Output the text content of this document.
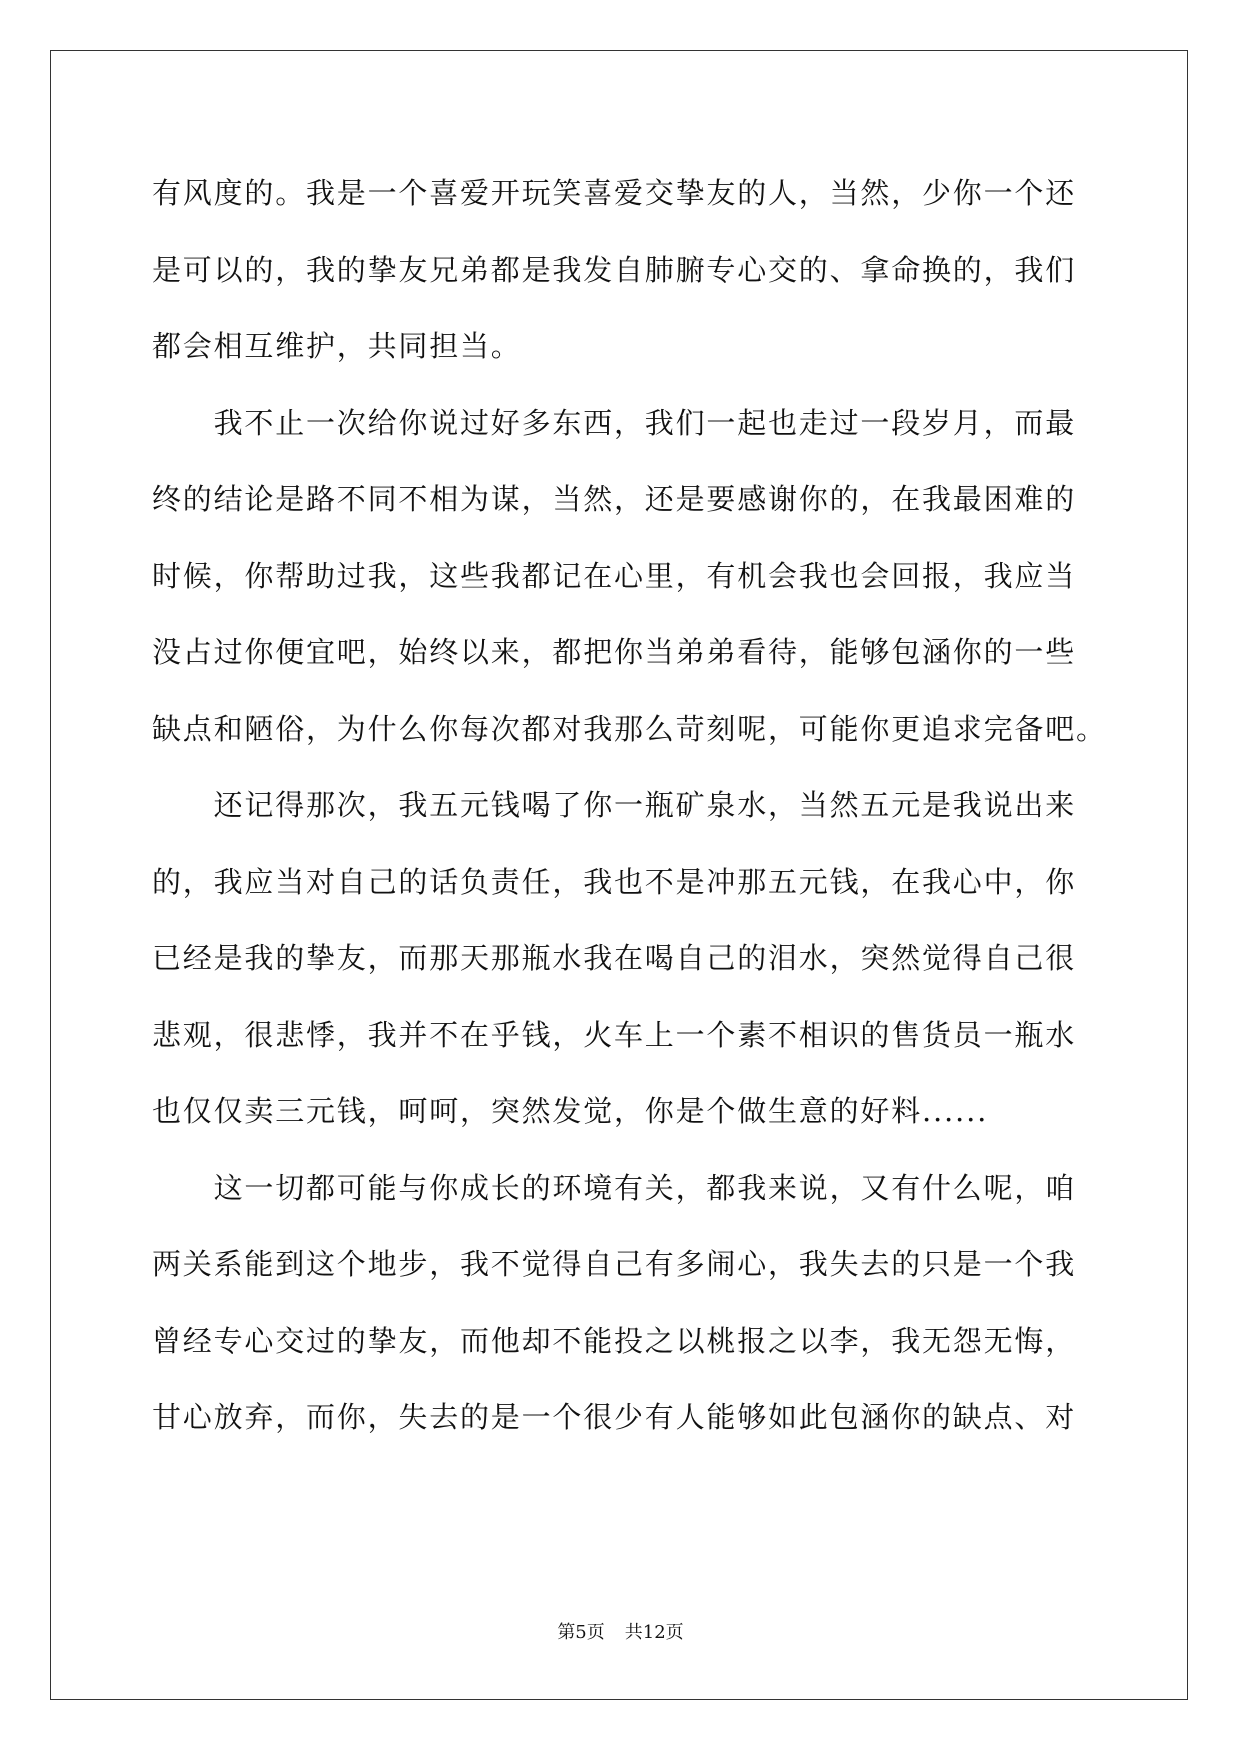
有风度的。我是一个喜爱开玩笑喜爱交挚友的人，当然，少你一个还
是可以的，我的挚友兄弟都是我发自肺腑专心交的、拿命换的，我们
都会相互维护，共同担当。
　　我不止一次给你说过好多东西，我们一起也走过一段岁月，而最
终的结论是路不同不相为谋，当然，还是要感谢你的，在我最困难的
时候，你帮助过我，这些我都记在心里，有机会我也会回报，我应当
没占过你便宜吧，始终以来，都把你当弟弟看待，能够包涵你的一些
缺点和陋俗，为什么你每次都对我那么苛刻呢，可能你更追求完备吧。
　　还记得那次，我五元钱喝了你一瓶矿泉水，当然五元是我说出来
的，我应当对自己的话负责任，我也不是冲那五元钱，在我心中，你
已经是我的挚友，而那天那瓶水我在喝自己的泪水，突然觉得自己很
悲观，很悲悸，我并不在乎钱，火车上一个素不相识的售货员一瓶水
也仅仅卖三元钱，呵呵，突然发觉，你是个做生意的好料......
　　这一切都可能与你成长的环境有关，都我来说，又有什么呢，咱
两关系能到这个地步，我不觉得自己有多闹心，我失去的只是一个我
曾经专心交过的挚友，而他却不能投之以桃报之以李，我无怨无悔，
甘心放弃，而你，失去的是一个很少有人能够如此包涵你的缺点、对
第5页 共12页
